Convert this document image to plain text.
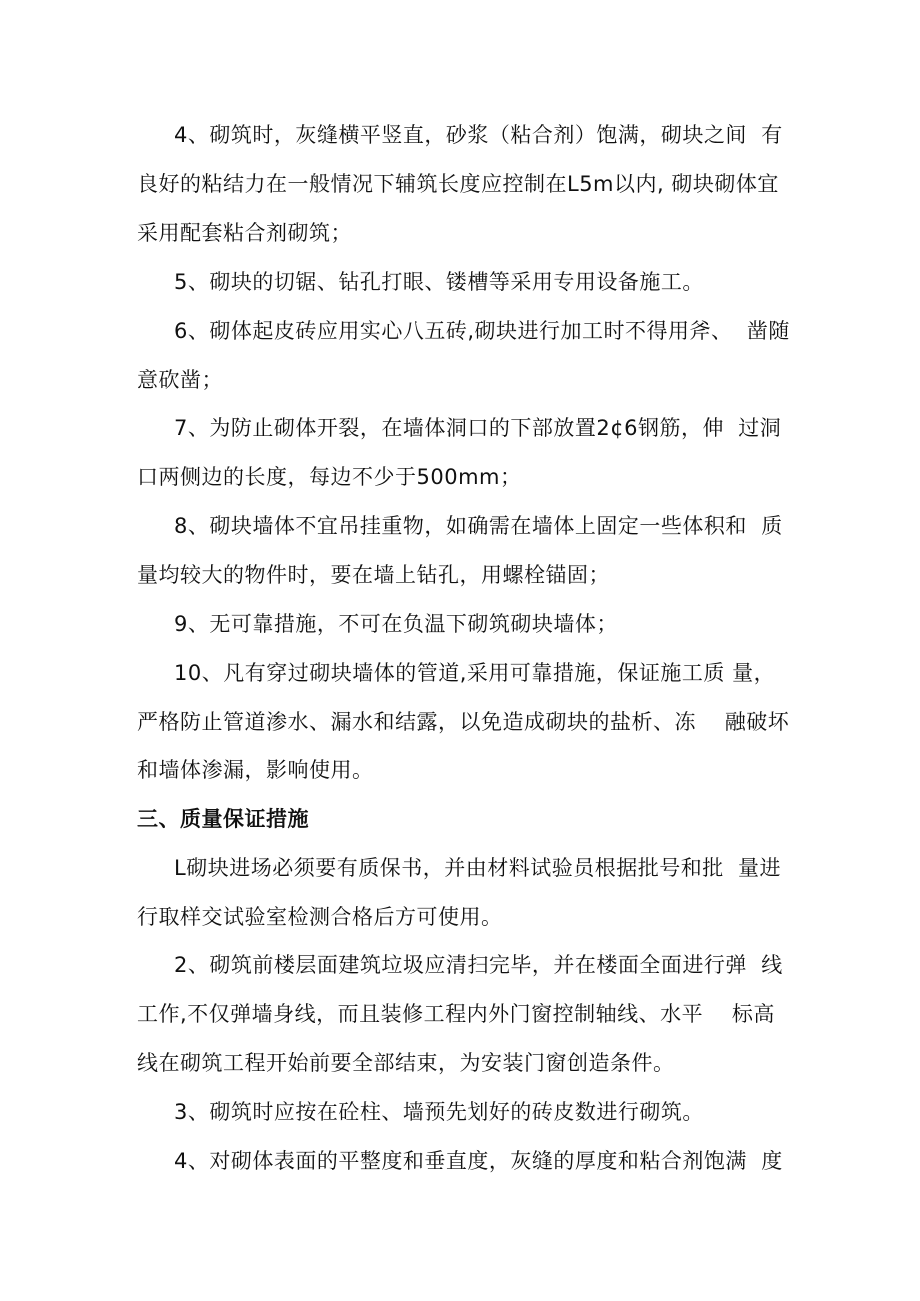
4、砌筑时，灰缝横平竖直，砂浆（粘合剂）饱满，砌块之间  有

良好的粘结力在一般情况下辅筑长度应控制在L5m以内, 砌块砌体宜

采用配套粘合剂砌筑；

5、砌块的切锯、钻孔打眼、镂槽等采用专用设备施工。

6、砌体起皮砖应用实心八五砖,砌块进行加工时不得用斧、  凿随

意砍凿；

7、为防止砌体开裂，在墙体洞口的下部放置2¢6钢筋，伸  过洞

口两侧边的长度，每边不少于500mm；

8、砌块墙体不宜吊挂重物，如确需在墙体上固定一些体积和  质

量均较大的物件时，要在墙上钻孔，用螺栓锚固；

9、无可靠措施，不可在负温下砌筑砌块墙体；

10、凡有穿过砌块墙体的管道,采用可靠措施，保证施工质 量，

严格防止管道渗水、漏水和结露，以免造成砌块的盐析、冻    融破坏

和墙体渗漏，影响使用。

三、质量保证措施

L砌块进场必须要有质保书，并由材料试验员根据批号和批  量进

行取样交试验室检测合格后方可使用。

2、砌筑前楼层面建筑垃圾应清扫完毕，并在楼面全面进行弹  线

工作,不仅弹墙身线，而且装修工程内外门窗控制轴线、水平    标高

线在砌筑工程开始前要全部结束，为安装门窗创造条件。

3、砌筑时应按在砼柱、墙预先划好的砖皮数进行砌筑。

4、对砌体表面的平整度和垂直度，灰缝的厚度和粘合剂饱满  度
